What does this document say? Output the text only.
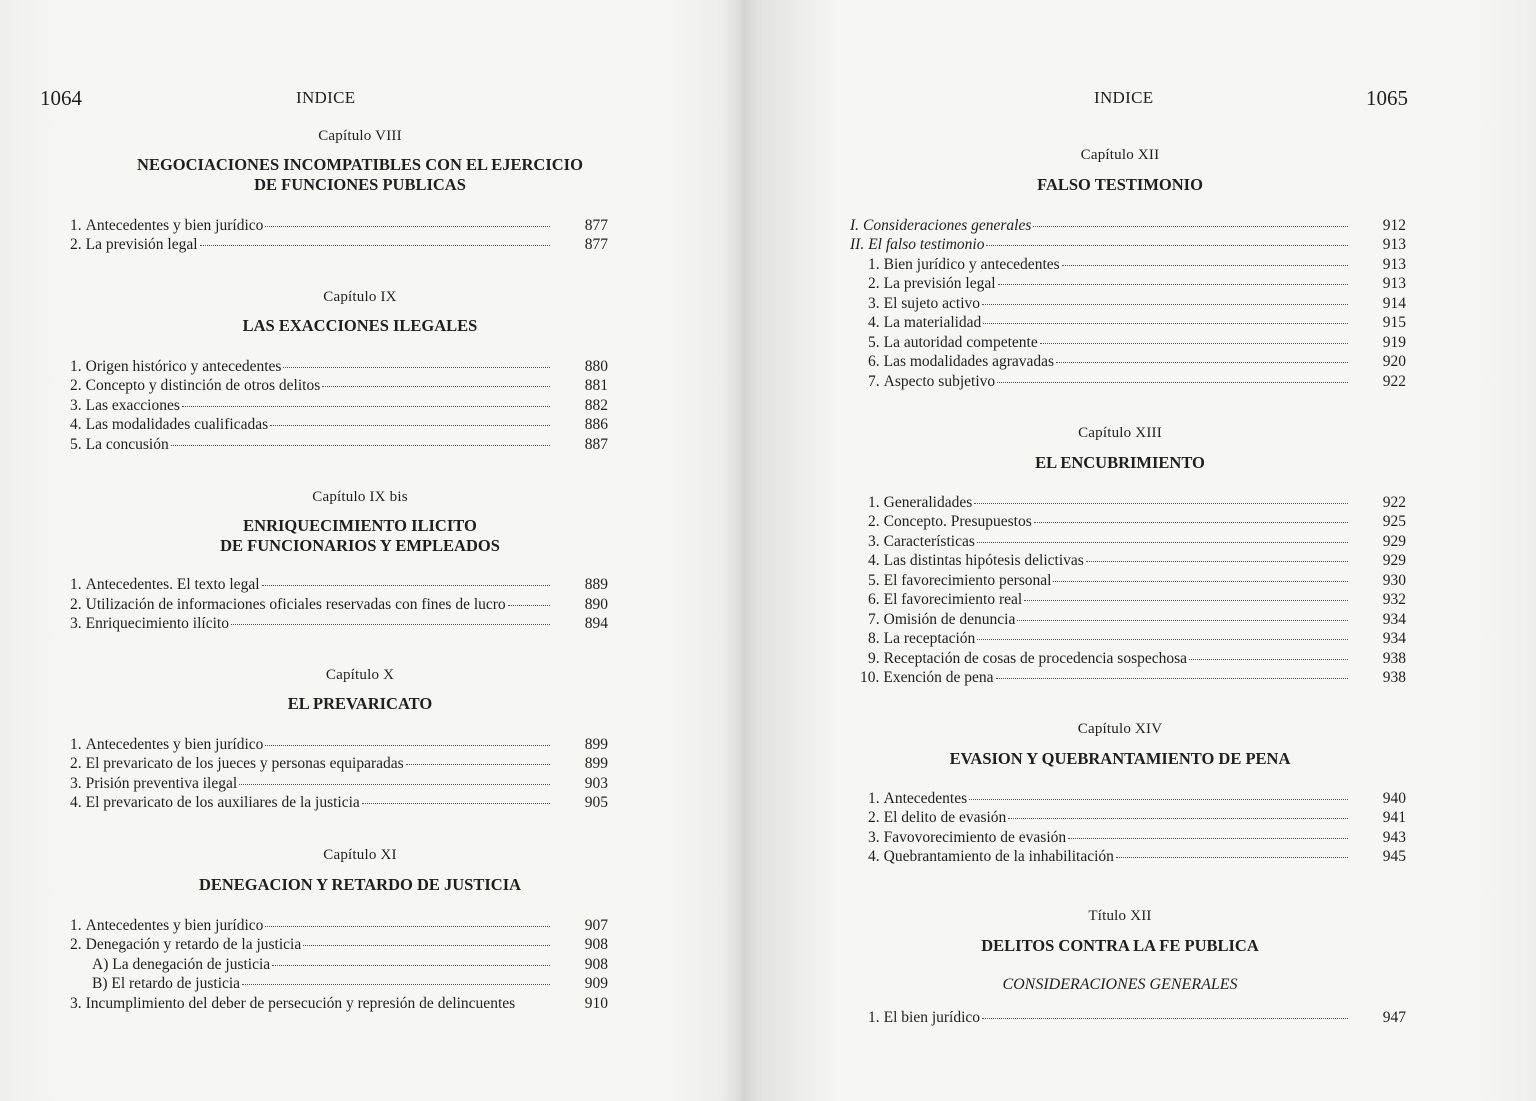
1064	INDICE
Capítulo VIII
NEGOCIACIONES INCOMPATIBLES CON EL EJERCICIO
DE FUNCIONES PUBLICAS
1. Antecedentes y bien jurídico	877
2. La previsión legal	877
Capítulo IX
LAS EXACCIONES ILEGALES
1. Origen histórico y antecedentes	880
2. Concepto y distinción de otros delitos	881
3. Las exacciones	882
4. Las modalidades cualificadas	886
5. La concusión	887
Capítulo IX bis
ENRIQUECIMIENTO ILICITO
DE FUNCIONARIOS Y EMPLEADOS
1. Antecedentes. El texto legal	889
2. Utilización de informaciones oficiales reservadas con fines de lucro	890
3. Enriquecimiento ilícito	894
Capítulo X
EL PREVARICATO
1. Antecedentes y bien jurídico	899
2. El prevaricato de los jueces y personas equiparadas	899
3. Prisión preventiva ilegal	903
4. El prevaricato de los auxiliares de la justicia	905
Capítulo XI
DENEGACION Y RETARDO DE JUSTICIA
1. Antecedentes y bien jurídico	907
2. Denegación y retardo de la justicia	908
A) La denegación de justicia	908
B) El retardo de justicia	909
3. Incumplimiento del deber de persecución y represión de delincuentes	910
INDICE	1065
Capítulo XII
FALSO TESTIMONIO
I. Consideraciones generales	912
II. El falso testimonio	913
1. Bien jurídico y antecedentes	913
2. La previsión legal	913
3. El sujeto activo	914
4. La materialidad	915
5. La autoridad competente	919
6. Las modalidades agravadas	920
7. Aspecto subjetivo	922
Capítulo XIII
EL ENCUBRIMIENTO
1. Generalidades	922
2. Concepto. Presupuestos	925
3. Características	929
4. Las distintas hipótesis delictivas	929
5. El favorecimiento personal	930
6. El favorecimiento real	932
7. Omisión de denuncia	934
8. La receptación	934
9. Receptación de cosas de procedencia sospechosa	938
10. Exención de pena	938
Capítulo XIV
EVASION Y QUEBRANTAMIENTO DE PENA
1. Antecedentes	940
2. El delito de evasión	941
3. Favovorecimiento de evasión	943
4. Quebrantamiento de la inhabilitación	945
Título XII
DELITOS CONTRA LA FE PUBLICA
CONSIDERACIONES GENERALES
1. El bien jurídico	947
